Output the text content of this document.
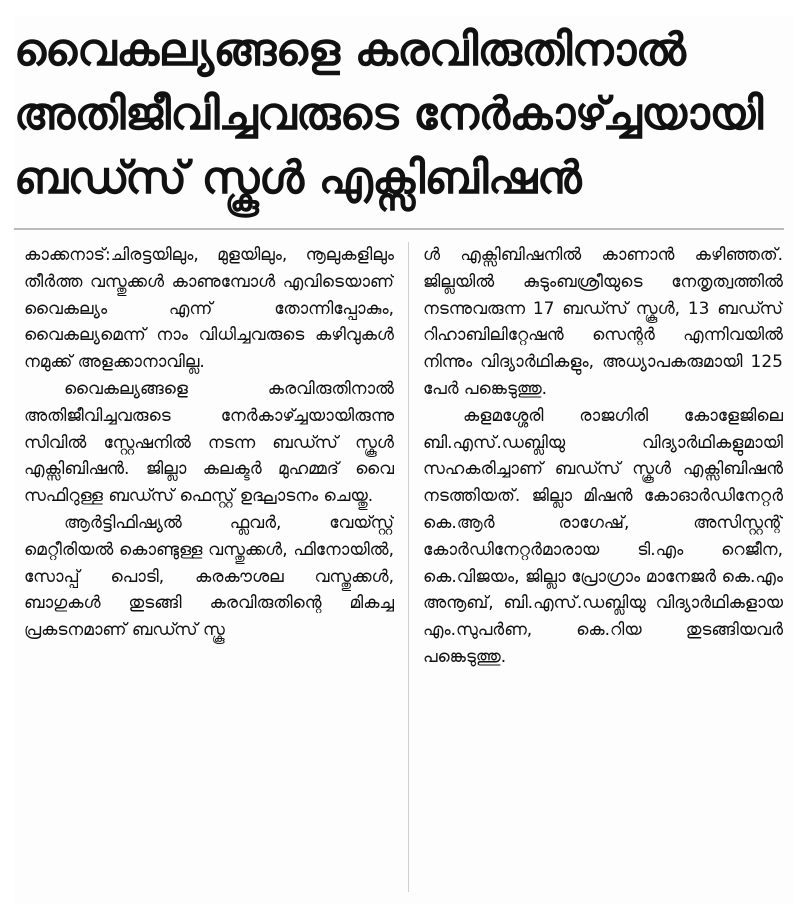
വൈകല്യങ്ങളെ കരവിരുതിനാൽ
അതിജീവിച്ചവരുടെ നേർകാഴ്ച്ചയായി
ബഡ്സ് സ്കൂൾ എക്സിബിഷൻ

കാക്കനാട്:ചിരട്ടയിലും, മുളയിലും, നൂലുകളിലും തീർത്ത വസ്തുക്കൾ കാണുമ്പോൾ എവിടെയാണ് വൈകല്യം എന്ന് തോന്നിപ്പോകും, വൈകല്യമെന്ന് നാം വിധിച്ചവരുടെ കഴിവുകൾ നമുക്ക് അളക്കാനാവില്ല.

വൈകല്യങ്ങളെ കരവിരുതിനാൽ അതിജീവിച്ചവരുടെ നേർകാഴ്ച്ചയായിരുന്നു സിവിൽ സ്റ്റേഷനിൽ നടന്ന ബഡ്സ് സ്കൂൾ എക്സിബിഷൻ. ജില്ലാ കലക്ടർ മുഹമ്മദ് വൈ സഫിറുള്ള ബഡ്സ് ഫെസ്റ്റ് ഉദ്ഘാടനം ചെയ്തു.

ആർട്ടിഫിഷ്യൽ ഫ്ലവർ, വേയ്സ്റ്റ് മെറ്റീരിയൽ കൊണ്ടുള്ള വസ്തുക്കൾ, ഫിനോയിൽ, സോപ്പ് പൊടി, കരകൗശല വസ്തുക്കൾ, ബാഗുകൾ തുടങ്ങി കരവിരുതിന്റെ മികച്ച പ്രകടനമാണ് ബഡ്സ് സ്കൂ

ൾ എക്സിബിഷനിൽ കാണാൻ കഴിഞ്ഞത്. ജില്ലയിൽ കുടുംബശ്രീയുടെ നേതൃത്വത്തിൽ നടന്നുവരുന്ന 17 ബഡ്സ് സ്കൂൾ, 13 ബഡ്സ് റിഹാബിലിറ്റേഷൻ സെന്റർ എന്നിവയിൽ നിന്നും വിദ്യാർഥികളും, അധ്യാപകരുമായി 125 പേർ പങ്കെടുത്തു.

കളമശ്ശേരി രാജഗിരി കോളേജിലെ ബി.എസ്.ഡബ്ലിയു വിദ്യാർഥികളുമായി സഹകരിച്ചാണ് ബഡ്സ് സ്കൂൾ എക്സിബിഷൻ നടത്തിയത്. ജില്ലാ മിഷൻ കോഓർഡിനേറ്റർ കെ.ആർ രാഗേഷ്, അസിസ്റ്റന്റ് കോർഡിനേറ്റർമാരായ ടി.എം റെജീന, കെ.വിജയം, ജില്ലാ പ്രോഗ്രാം മാനേജർ കെ.എം അനൂബ്, ബി.എസ്.ഡബ്ലിയു വിദ്യാർഥികളായ എം.സുപർണ, കെ.റിയ തുടങ്ങിയവർ പങ്കെടുത്തു.
